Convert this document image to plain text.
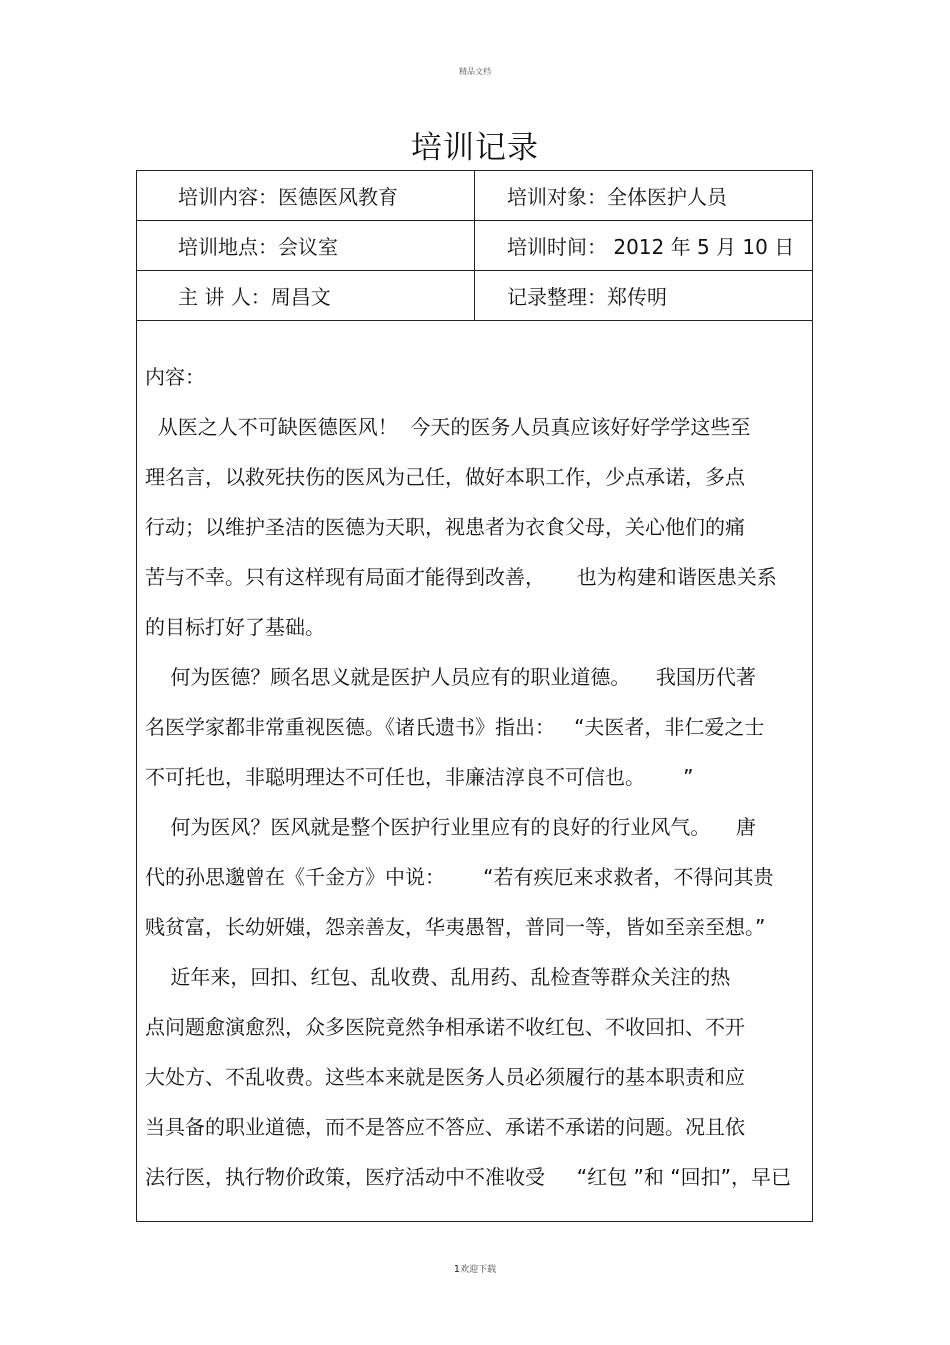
精品文档
培训记录
培训内容：医德医风教育	培训对象：全体医护人员
培训地点：会议室	培训时间： 2012 年 5 月 10 日
主 讲 人：周昌文	记录整理：郑传明
内容：
从医之人不可缺医德医风！  今天的医务人员真应该好好学学这些至
理名言，以救死扶伤的医风为己任，做好本职工作，少点承诺，多点
行动；以维护圣洁的医德为天职，视患者为衣食父母，关心他们的痛
苦与不幸。只有这样现有局面才能得到改善，     也为构建和谐医患关系
的目标打好了基础。
何为医德？顾名思义就是医护人员应有的职业道德。    我国历代著
名医学家都非常重视医德。《诸氏遗书》指出：   “夫医者，非仁爱之士
不可托也，非聪明理达不可任也，非廉洁淳良不可信也。      ”
何为医风？医风就是整个医护行业里应有的良好的行业风气。    唐
代的孙思邈曾在《千金方》中说：      “若有疾厄来求救者，不得问其贵
贱贫富，长幼妍媸，怨亲善友，华夷愚智，普同一等，皆如至亲至想。”
近年来，回扣、红包、乱收费、乱用药、乱检查等群众关注的热
点问题愈演愈烈，众多医院竟然争相承诺不收红包、不收回扣、不开
大处方、不乱收费。这些本来就是医务人员必须履行的基本职责和应
当具备的职业道德，而不是答应不答应、承诺不承诺的问题。况且依
法行医，执行物价政策，医疗活动中不准收受     “红包 ”和 “回扣”，早已
1欢迎下载
